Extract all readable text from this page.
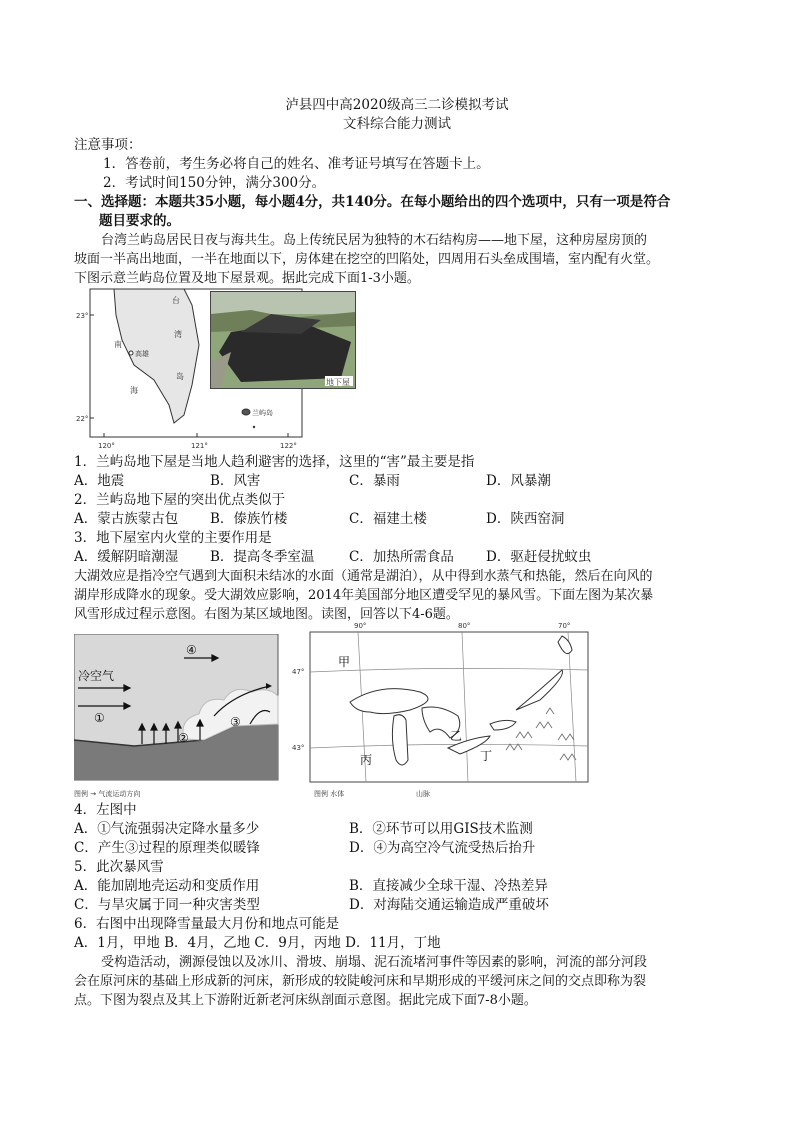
泸县四中高2020级高三二诊模拟考试
文科综合能力测试
注意事项：
1．答卷前，考生务必将自己的姓名、准考证号填写在答题卡上。
2．考试时间150分钟，满分300分。
一、选择题：本题共35小题，每小题4分，共140分。在每小题给出的四个选项中，只有一项是符合
题目要求的。
台湾兰屿岛居民日夜与海共生。岛上传统民居为独特的木石结构房——地下屋，这种房屋房顶的
坡面一半高出地面，一半在地面以下，房体建在挖空的凹陷处，四周用石头垒成围墙，室内配有火堂。
下图示意兰屿岛位置及地下屋景观。据此完成下面1-3小题。
23°
22°
120°	121°	122°
台
湾
岛
南
海
高雄
兰屿岛
地下屋
1．兰屿岛地下屋是当地人趋利避害的选择，这里的“害”最主要是指
A．地震	B．风害	C．暴雨	D．风暴潮
2．兰屿岛地下屋的突出优点类似于
A．蒙古族蒙古包 B．傣族竹楼	C．福建土楼	D．陕西窑洞
3．地下屋室内火堂的主要作用是
A．缓解阴暗潮湿 B．提高冬季室温	C．加热所需食品 D．驱赶侵扰蚊虫
大湖效应是指冷空气遇到大面积未结冰的水面（通常是湖泊），从中得到水蒸气和热能，然后在向风的
湖岸形成降水的现象。受大湖效应影响，2014年美国部分地区遭受罕见的暴风雪。下面左图为某次暴
风雪形成过程示意图。右图为某区域地图。读图，回答以下4-6题。
冷空气
①
②
③
④
图例 → 气流运动方向
90°	80°	70°
47°
43°
甲
乙
丙	丁
图例 水体	山脉
4．左图中
A．①气流强弱决定降水量多少	B．②环节可以用GIS技术监测
C．产生③过程的原理类似暖锋	D．④为高空冷气流受热后抬升
5．此次暴风雪
A．能加剧地壳运动和变质作用	B．直接减少全球干湿、冷热差异
C．与旱灾属于同一种灾害类型	D．对海陆交通运输造成严重破坏
6．右图中出现降雪量最大月份和地点可能是
A．1月，甲地 B．4月，乙地 C．9月，丙地 D．11月，丁地
受构造活动，溯源侵蚀以及冰川、滑坡、崩塌、泥石流堵河事件等因素的影响，河流的部分河段
会在原河床的基础上形成新的河床，新形成的较陡峻河床和早期形成的平缓河床之间的交点即称为裂
点。下图为裂点及其上下游附近新老河床纵剖面示意图。据此完成下面7-8小题。
